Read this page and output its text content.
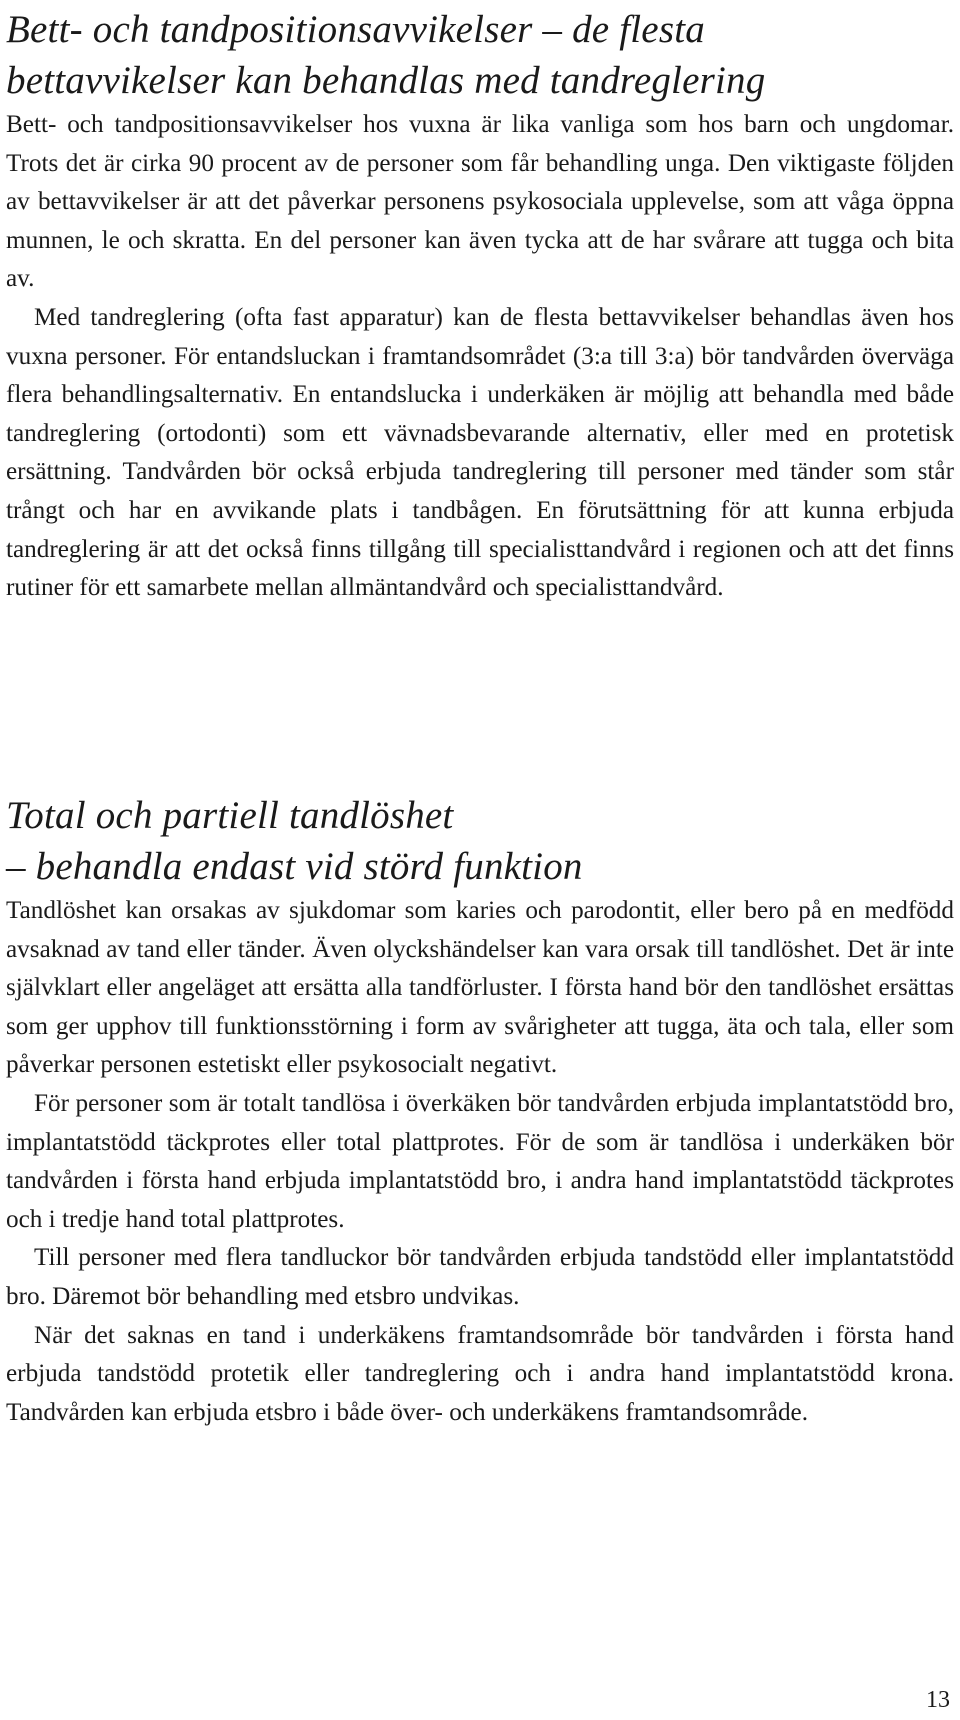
Bett- och tandpositionsavvikelser – de flesta
bettavvikelser kan behandlas med tandreglering

Bett- och tandpositionsavvikelser hos vuxna är lika vanliga som hos barn och ungdomar. Trots det är cirka 90 procent av de personer som får behandling unga. Den viktigaste följden av bettavvikelser är att det påverkar personens psykosociala upplevelse, som att våga öppna munnen, le och skratta. En del personer kan även tycka att de har svårare att tugga och bita av.

Med tandreglering (ofta fast apparatur) kan de flesta bettavvikelser behandlas även hos vuxna personer. För entandsluckan i framtandsområdet (3:a till 3:a) bör tandvården överväga flera behandlingsalternativ. En entandslucka i underkäken är möjlig att behandla med både tandreglering (ortodonti) som ett vävnadsbevarande alternativ, eller med en protetisk ersättning. Tandvården bör också erbjuda tandreglering till personer med tänder som står trångt och har en avvikande plats i tandbågen. En förutsättning för att kunna erbjuda tandreglering är att det också finns tillgång till specialisttandvård i regionen och att det finns rutiner för ett samarbete mellan allmäntandvård och specialisttandvård.

Total och partiell tandlöshet
– behandla endast vid störd funktion

Tandlöshet kan orsakas av sjukdomar som karies och parodontit, eller bero på en medfödd avsaknad av tand eller tänder. Även olyckshändelser kan vara orsak till tandlöshet. Det är inte självklart eller angeläget att ersätta alla tandförluster. I första hand bör den tandlöshet ersättas som ger upphov till funktionsstörning i form av svårigheter att tugga, äta och tala, eller som påverkar personen estetiskt eller psykosocialt negativt.

För personer som är totalt tandlösa i överkäken bör tandvården erbjuda implantatstödd bro, implantatstödd täckprotes eller total plattprotes. För de som är tandlösa i underkäken bör tandvården i första hand erbjuda implantatstödd bro, i andra hand implantatstödd täckprotes och i tredje hand total plattprotes.

Till personer med flera tandluckor bör tandvården erbjuda tandstödd eller implantatstödd bro. Däremot bör behandling med etsbro undvikas.

När det saknas en tand i underkäkens framtandsområde bör tandvården i första hand erbjuda tandstödd protetik eller tandreglering och i andra hand implantatstödd krona. Tandvården kan erbjuda etsbro i både över- och underkäkens framtandsområde.

13
